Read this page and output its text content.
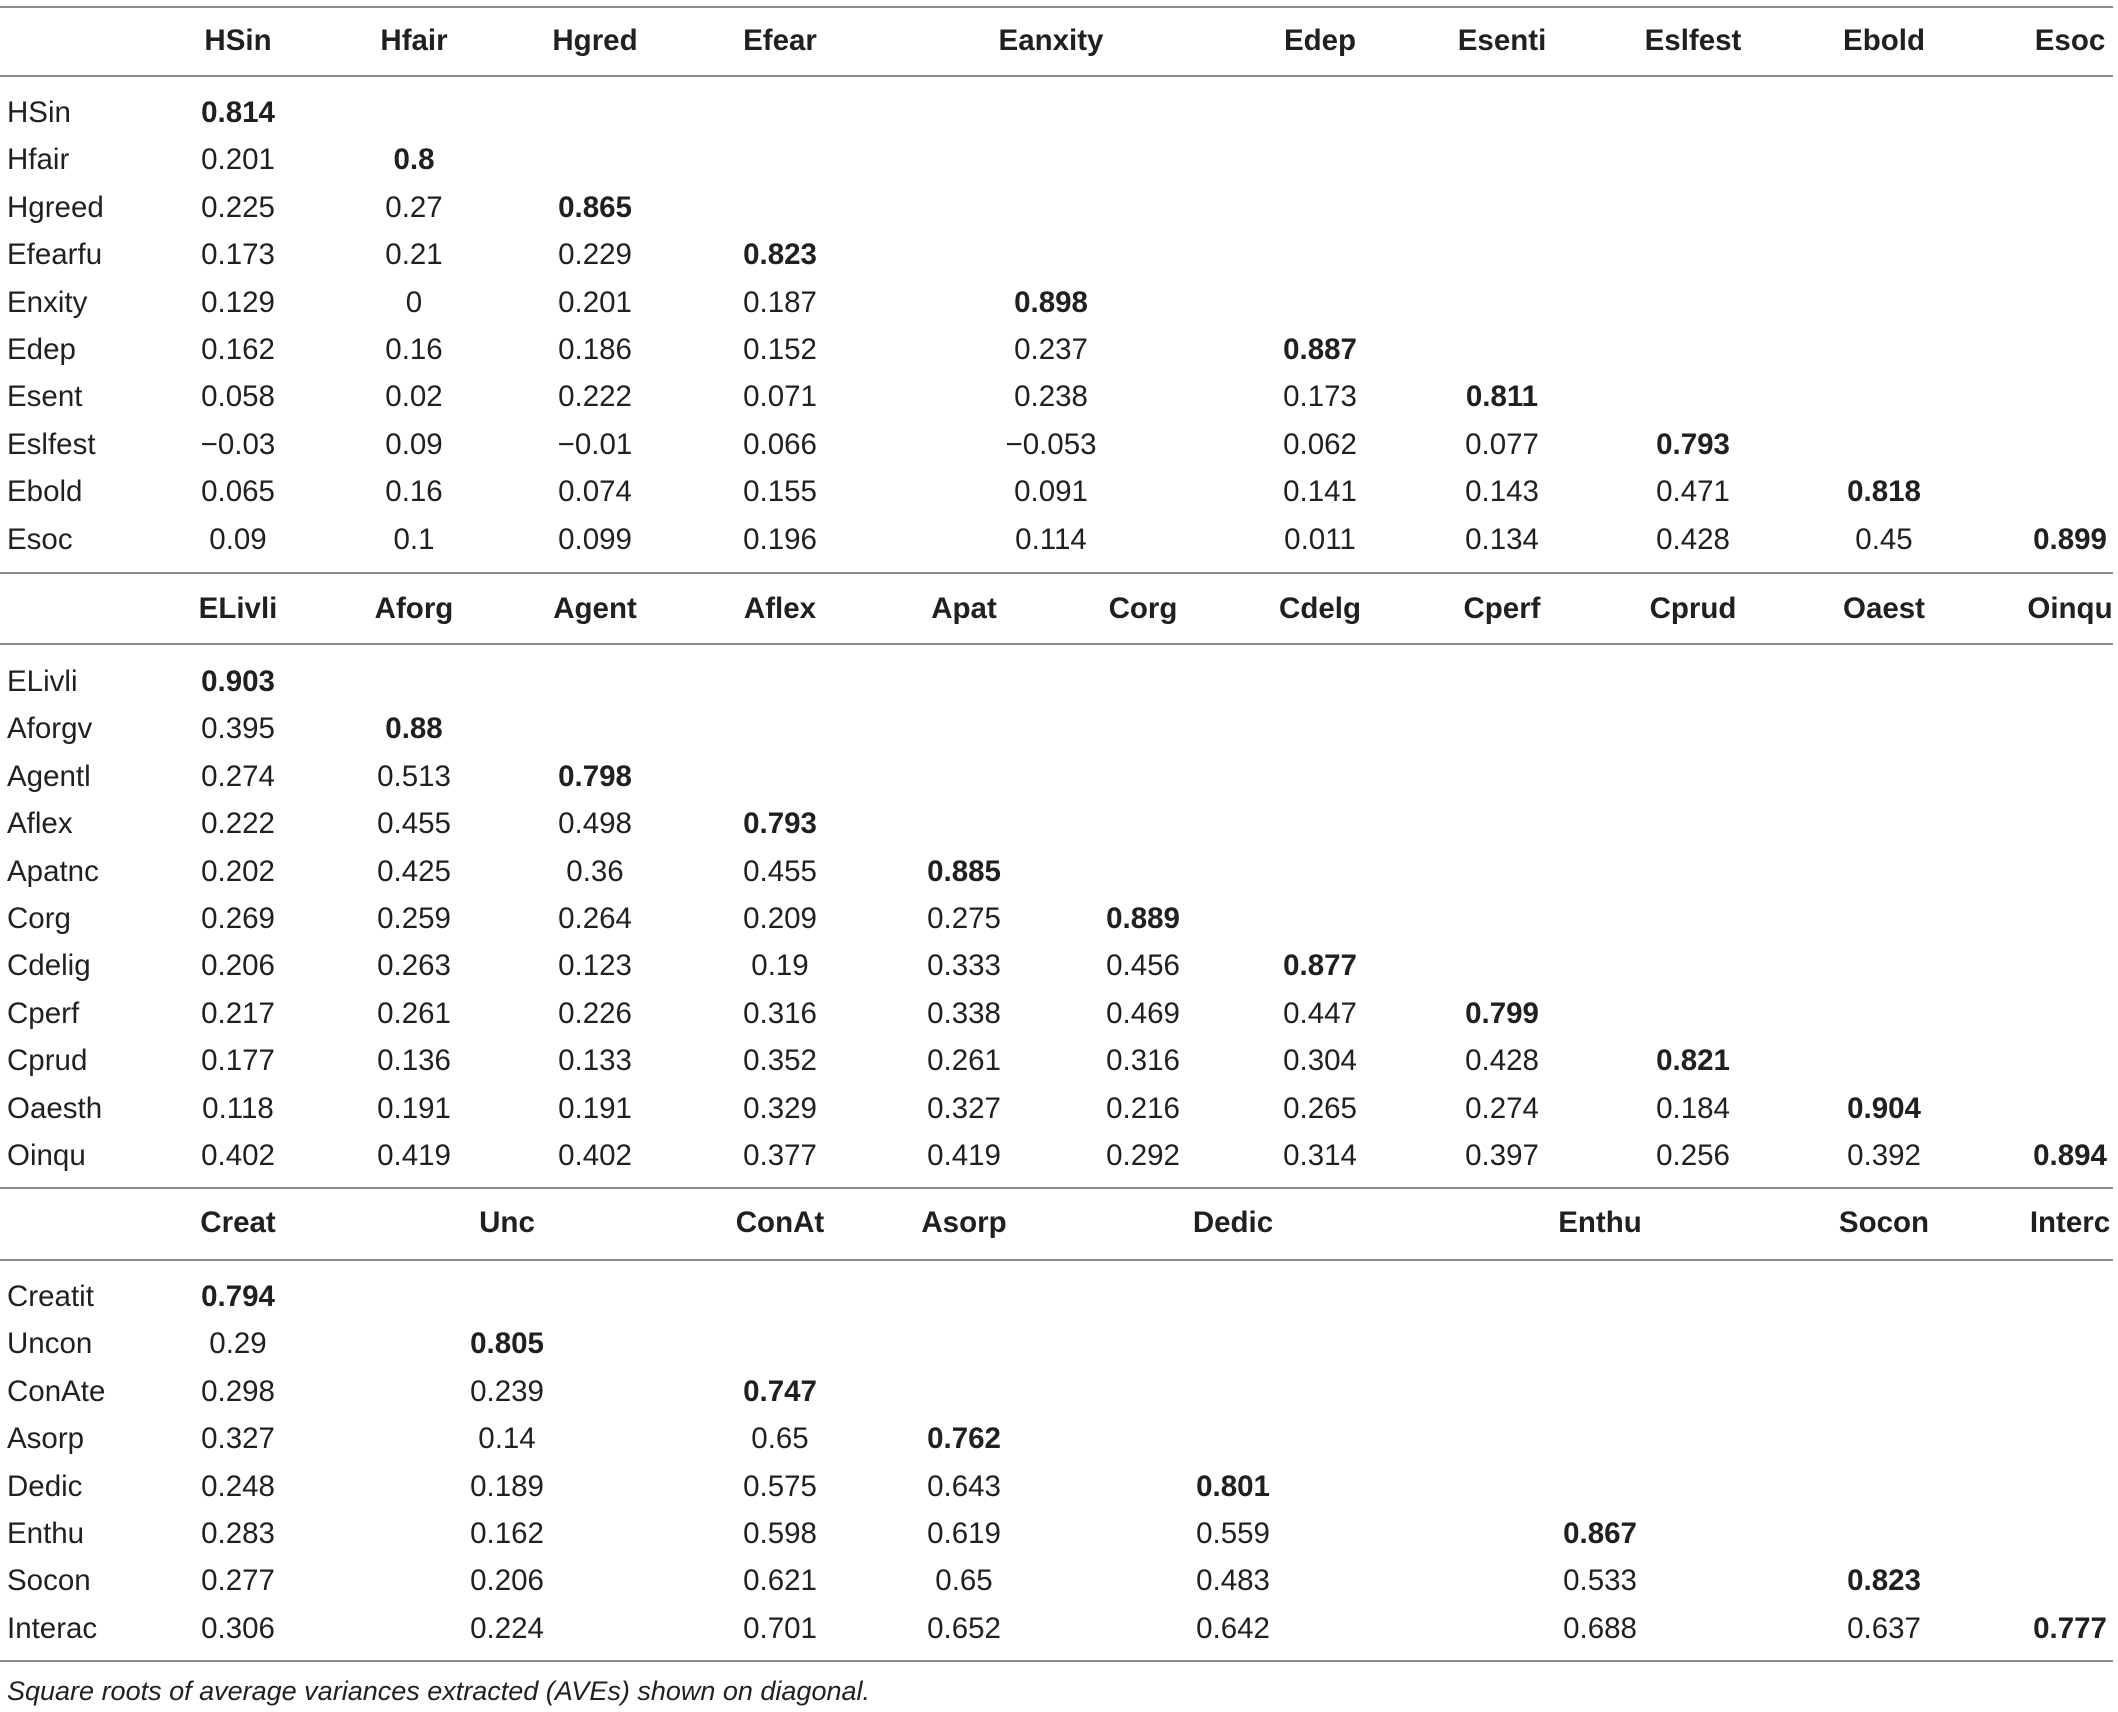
HSin	Hfair	Hgred	Efear	Eanxity	Edep	Esenti	Eslfest	Ebold	Esoc
HSin	0.814
Hfair	0.201	0.8
Hgreed	0.225	0.27	0.865
Efearfu	0.173	0.21	0.229	0.823
Enxity	0.129	0	0.201	0.187	0.898
Edep	0.162	0.16	0.186	0.152	0.237	0.887
Esent	0.058	0.02	0.222	0.071	0.238	0.173	0.811
Eslfest	−0.03	0.09	−0.01	0.066	−0.053	0.062	0.077	0.793
Ebold	0.065	0.16	0.074	0.155	0.091	0.141	0.143	0.471	0.818
Esoc	0.09	0.1	0.099	0.196	0.114	0.011	0.134	0.428	0.45	0.899
ELivli	Aforg	Agent	Aflex	Apat	Corg	Cdelg	Cperf	Cprud	Oaest	Oinqu
ELivli	0.903
Aforgv	0.395	0.88
Agentl	0.274	0.513	0.798
Aflex	0.222	0.455	0.498	0.793
Apatnc	0.202	0.425	0.36	0.455	0.885
Corg	0.269	0.259	0.264	0.209	0.275	0.889
Cdelig	0.206	0.263	0.123	0.19	0.333	0.456	0.877
Cperf	0.217	0.261	0.226	0.316	0.338	0.469	0.447	0.799
Cprud	0.177	0.136	0.133	0.352	0.261	0.316	0.304	0.428	0.821
Oaesth	0.118	0.191	0.191	0.329	0.327	0.216	0.265	0.274	0.184	0.904
Oinqu	0.402	0.419	0.402	0.377	0.419	0.292	0.314	0.397	0.256	0.392	0.894
Creat	Unc	ConAt	Asorp	Dedic	Enthu	Socon	Interc
Creatit	0.794
Uncon	0.29	0.805
ConAte	0.298	0.239	0.747
Asorp	0.327	0.14	0.65	0.762
Dedic	0.248	0.189	0.575	0.643	0.801
Enthu	0.283	0.162	0.598	0.619	0.559	0.867
Socon	0.277	0.206	0.621	0.65	0.483	0.533	0.823
Interac	0.306	0.224	0.701	0.652	0.642	0.688	0.637	0.777
Square roots of average variances extracted (AVEs) shown on diagonal.
